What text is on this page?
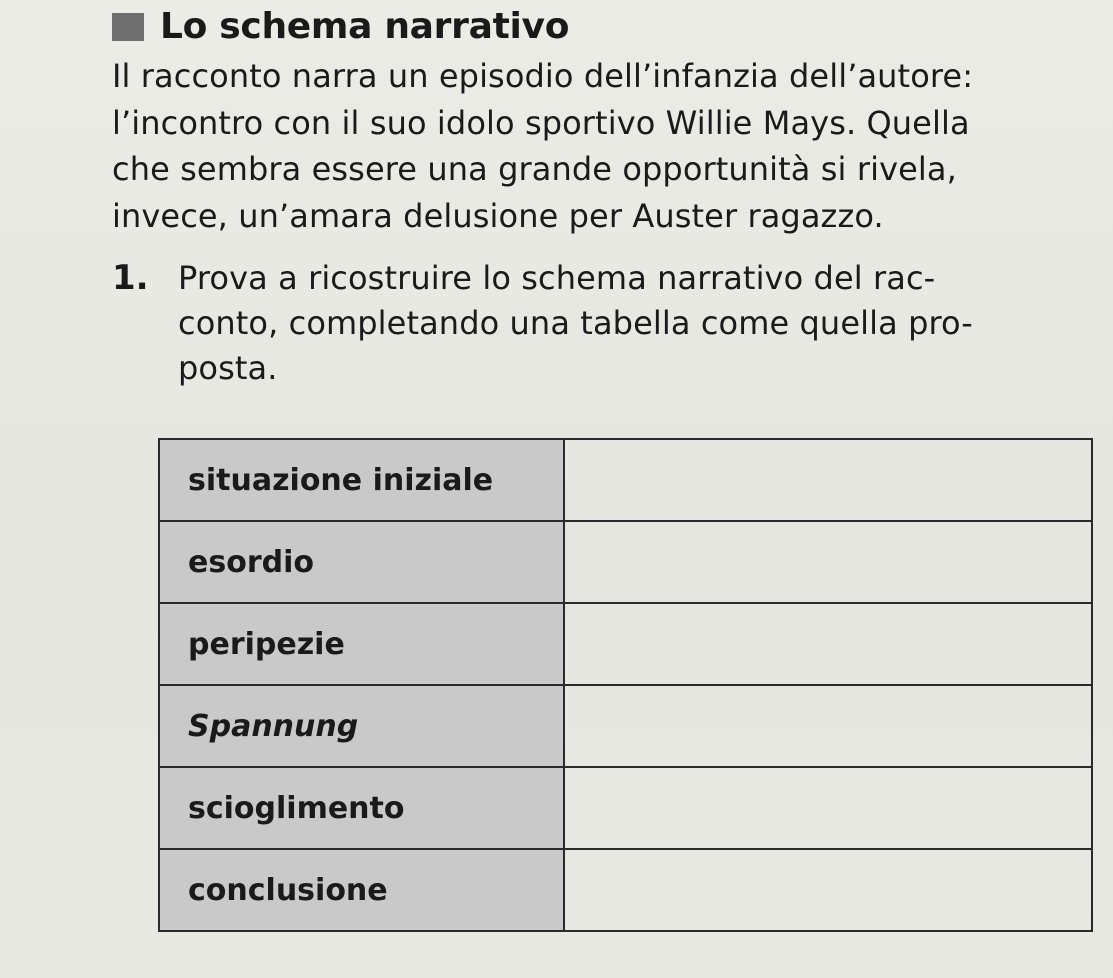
Lo schema narrativo
Il racconto narra un episodio dell’infanzia dell’autore:
l’incontro con il suo idolo sportivo Willie Mays. Quella
che sembra essere una grande opportunità si rivela,
invece, un’amara delusione per Auster ragazzo.
1. Prova a ricostruire lo schema narrativo del rac-
conto, completando una tabella come quella pro-
posta.
situazione iniziale	
esordio	
peripezie	
Spannung	
scioglimento	
conclusione	
